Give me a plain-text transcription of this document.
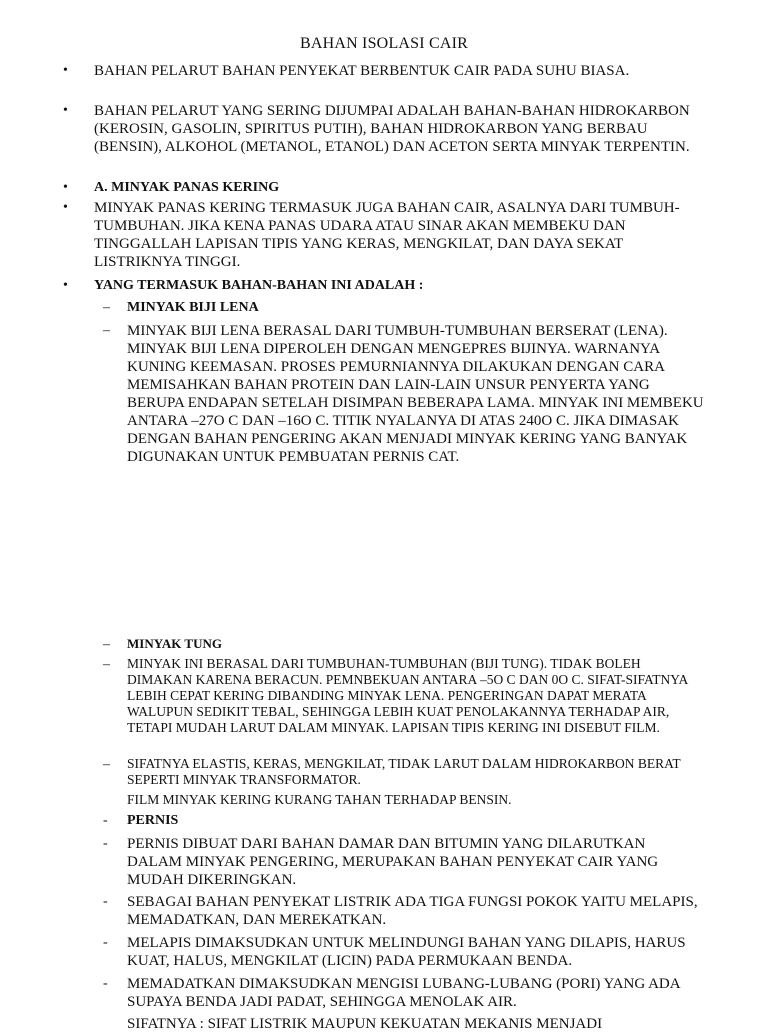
BAHAN ISOLASI CAIR
• BAHAN PELARUT BAHAN PENYEKAT BERBENTUK CAIR PADA SUHU BIASA.
• BAHAN PELARUT YANG SERING DIJUMPAI ADALAH BAHAN-BAHAN HIDROKARBON (KEROSIN, GASOLIN, SPIRITUS PUTIH), BAHAN HIDROKARBON YANG BERBAU (BENSIN), ALKOHOL (METANOL, ETANOL) DAN ACETON SERTA MINYAK TERPENTIN.
• A. MINYAK PANAS KERING
• MINYAK PANAS KERING TERMASUK JUGA BAHAN CAIR, ASALNYA DARI TUMBUH-TUMBUHAN. JIKA KENA PANAS UDARA ATAU SINAR AKAN MEMBEKU DAN TINGGALLAH LAPISAN TIPIS YANG KERAS, MENGKILAT, DAN DAYA SEKAT LISTRIKNYA TINGGI.
• YANG TERMASUK BAHAN-BAHAN INI ADALAH :
– MINYAK BIJI LENA
– MINYAK BIJI LENA BERASAL DARI TUMBUH-TUMBUHAN BERSERAT (LENA). MINYAK BIJI LENA DIPEROLEH DENGAN MENGEPRES BIJINYA. WARNANYA KUNING KEEMASAN. PROSES PEMURNIANNYA DILAKUKAN DENGAN CARA MEMISAHKAN BAHAN PROTEIN DAN LAIN-LAIN UNSUR PENYERTA YANG BERUPA ENDAPAN SETELAH DISIMPAN BEBERAPA LAMA. MINYAK INI MEMBEKU ANTARA –27O C DAN –16O C. TITIK NYALANYA DI ATAS 240O C. JIKA DIMASAK DENGAN BAHAN PENGERING AKAN MENJADI MINYAK KERING YANG BANYAK DIGUNAKAN UNTUK PEMBUATAN PERNIS CAT.
– MINYAK TUNG
– MINYAK INI BERASAL DARI TUMBUHAN-TUMBUHAN (BIJI TUNG). TIDAK BOLEH DIMAKAN KARENA BERACUN. PEMNBEKUAN ANTARA –5O C DAN 0O C. SIFAT-SIFATNYA LEBIH CEPAT KERING DIBANDING MINYAK LENA. PENGERINGAN DAPAT MERATA WALUPUN SEDIKIT TEBAL, SEHINGGA LEBIH KUAT PENOLAKANNYA TERHADAP AIR, TETAPI MUDAH LARUT DALAM MINYAK. LAPISAN TIPIS KERING INI DISEBUT FILM.
– SIFATNYA ELASTIS, KERAS, MENGKILAT, TIDAK LARUT DALAM HIDROKARBON BERAT SEPERTI MINYAK TRANSFORMATOR.
FILM MINYAK KERING KURANG TAHAN TERHADAP BENSIN.
- PERNIS
- PERNIS DIBUAT DARI BAHAN DAMAR DAN BITUMIN YANG DILARUTKAN DALAM MINYAK PENGERING, MERUPAKAN BAHAN PENYEKAT CAIR YANG MUDAH DIKERINGKAN.
- SEBAGAI BAHAN PENYEKAT LISTRIK ADA TIGA FUNGSI POKOK YAITU MELAPIS, MEMADATKAN, DAN MEREKATKAN.
- MELAPIS DIMAKSUDKAN UNTUK MELINDUNGI BAHAN YANG DILAPIS, HARUS KUAT, HALUS, MENGKILAT (LICIN) PADA PERMUKAAN BENDA.
- MEMADATKAN DIMAKSUDKAN MENGISI LUBANG-LUBANG (PORI) YANG ADA SUPAYA BENDA JADI PADAT, SEHINGGA MENOLAK AIR.
SIFATNYA : SIFAT LISTRIK MAUPUN KEKUATAN MEKANIS MENJADI
